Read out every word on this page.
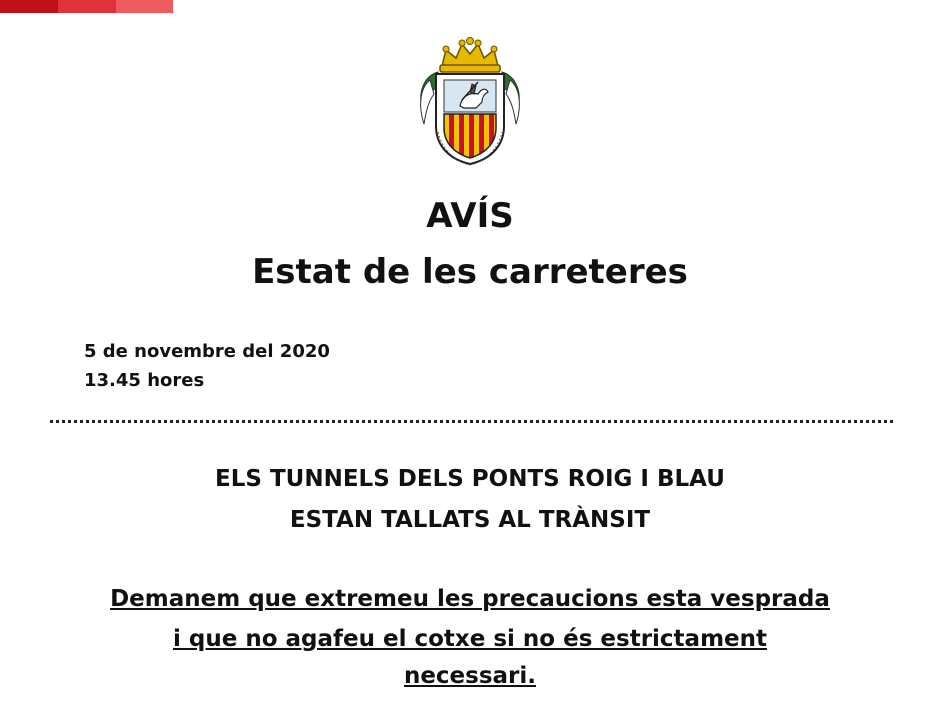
AVÍS
Estat de les carreteres
5 de novembre del 2020
13.45 hores
ELS TUNNELS DELS PONTS ROIG I BLAU
ESTAN TALLATS AL TRÀNSIT
Demanem que extremeu les precaucions esta vesprada
i que no agafeu el cotxe si no és estrictament
necessari.
